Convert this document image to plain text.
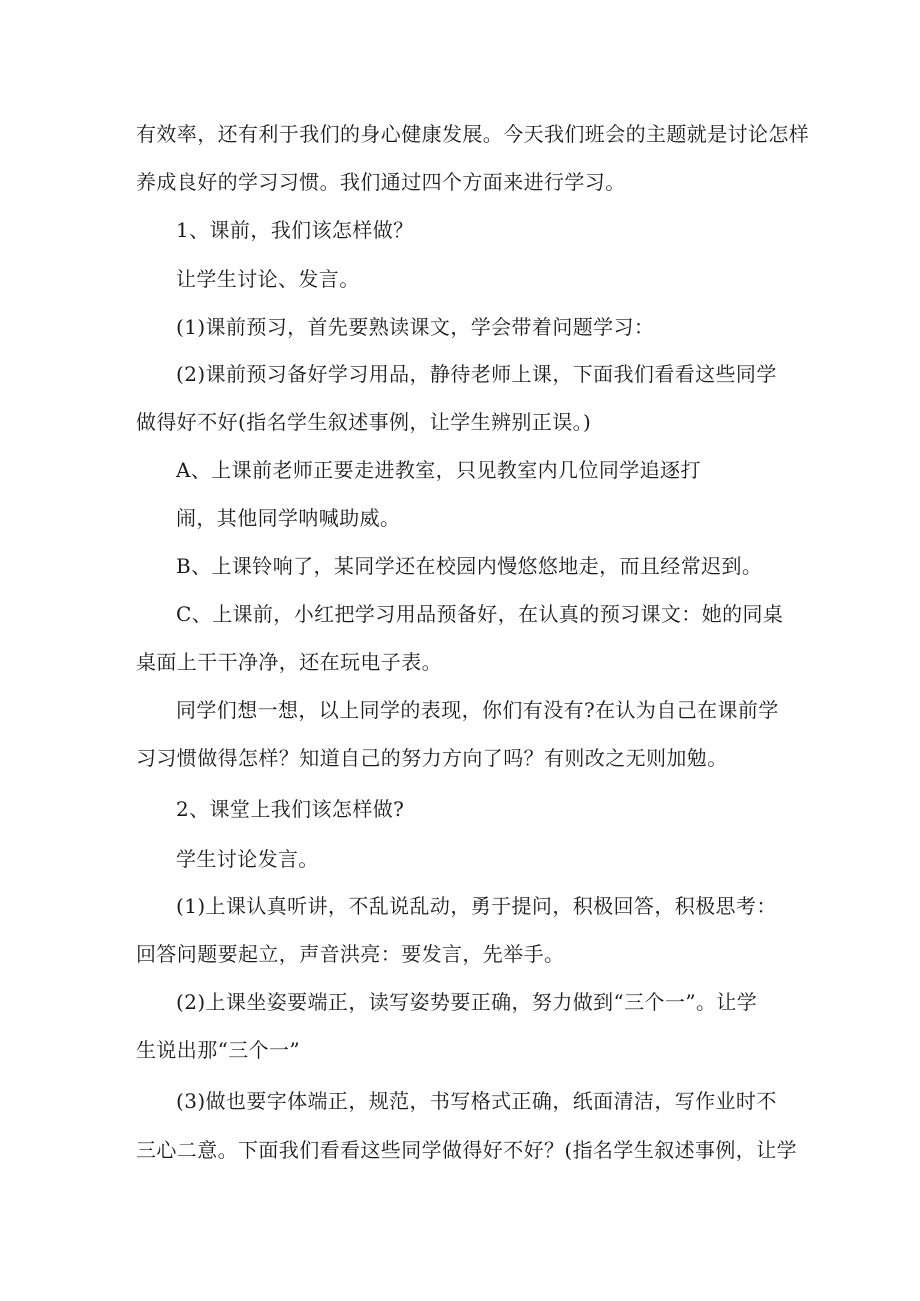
有效率，还有利于我们的身心健康发展。今天我们班会的主题就是讨论怎样
养成良好的学习习惯。我们通过四个方面来进行学习。
1、课前，我们该怎样做？
让学生讨论、发言。
(1)课前预习，首先要熟读课文，学会带着问题学习：
(2)课前预习备好学习用品，静待老师上课，下面我们看看这些同学
做得好不好(指名学生叙述事例，让学生辨别正误。)
A、上课前老师正要走进教室，只见教室内几位同学追逐打
闹，其他同学呐喊助威。
B、上课铃响了，某同学还在校园内慢悠悠地走，而且经常迟到。
C、上课前，小红把学习用品预备好，在认真的预习课文：她的同桌
桌面上干干净净，还在玩电子表。
同学们想一想，以上同学的表现，你们有没有?在认为自己在课前学
习习惯做得怎样？知道自己的努力方向了吗？有则改之无则加勉。
2、课堂上我们该怎样做?
学生讨论发言。
(1)上课认真听讲，不乱说乱动，勇于提问，积极回答，积极思考：
回答问题要起立，声音洪亮：要发言，先举手。
(2)上课坐姿要端正，读写姿势要正确，努力做到“三个一”。让学
生说出那“三个一”
(3)做也要字体端正，规范，书写格式正确，纸面清洁，写作业时不
三心二意。下面我们看看这些同学做得好不好？(指名学生叙述事例，让学
